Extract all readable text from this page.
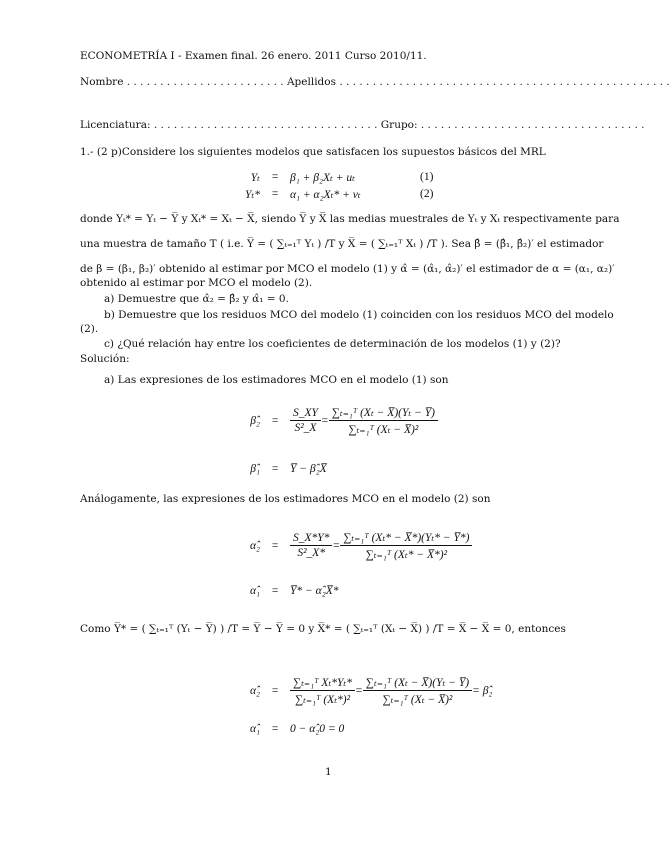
ECONOMETRÍA I - Examen final. 26 enero. 2011 Curso 2010/11.
Nombre . . . . . . . . . . . . . . . . . . . . . . . . Apellidos . . . . . . . . . . . . . . . . . . . . . . . . . . . . . . . . . . . . . . . . . . . . . . . . . .
Licenciatura: . . . . . . . . . . . . . . . . . . . . . . . . . . . . . . . . . . Grupo: . . . . . . . . . . . . . . . . . . . . . . . . . . . . . . . . . .
1.- (2 p)Considere los siguientes modelos que satisfacen los supuestos básicos del MRL
Yₜ = β₁ + β₂Xₜ + uₜ	(1)
Yₜ* = α₁ + α₂Xₜ* + vₜ	(2)
donde Yₜ* = Yₜ − Y̅ y Xₜ* = Xₜ − X̅, siendo Y̅ y X̅ las medias muestrales de Yₜ y Xₜ respectivamente para
una muestra de tamaño T ( i.e. Y̅ = ( ∑ₜ₌₁ᵀ Yₜ ) /T y X̅ = ( ∑ₜ₌₁ᵀ Xₜ ) /T ). Sea β̂ = (β̂₁, β̂₂)′ el estimador
de β = (β₁, β₂)′ obtenido al estimar por MCO el modelo (1) y α̂ = (α̂₁, α̂₂)′ el estimador de α = (α₁, α₂)′
obtenido al estimar por MCO el modelo (2).
a) Demuestre que α̂₂ = β̂₂ y α̂₁ = 0.
b) Demuestre que los residuos MCO del modelo (1) coinciden con los residuos MCO del modelo
(2).
c) ¿Qué relación hay entre los coeficientes de determinación de los modelos (1) y (2)?
Solución:
a) Las expresiones de los estimadores MCO en el modelo (1) son
β̂₂ = $\frac{S\_XY}{\text{S²\_X}} = \frac{\text{∑ₜ₌₁ᵀ (Xₜ − X̅)(Yₜ − Y̅)}}{\text{∑ₜ₌₁ᵀ (Xₜ − X̅)²}}$
β̂₁ = Y̅ − β̂₂X̅
Análogamente, las expresiones de los estimadores MCO en el modelo (2) son
α̂₂ = $\frac{S\_X*Y*}{\text{S²\_X*}} = \frac{\text{∑ₜ₌₁ᵀ (Xₜ* − X̅*)(Yₜ* − Y̅*)}}{\text{∑ₜ₌₁ᵀ (Xₜ* − X̅*)²}}$
α̂₁ = Y̅* − α̂₂X̅*
Como Y̅* = ( ∑ₜ₌₁ᵀ (Yₜ − Y̅) ) /T = Y̅ − Y̅ = 0 y X̅* = ( ∑ₜ₌₁ᵀ (Xₜ − X̅) ) /T = X̅ − X̅ = 0, entonces
α̂₂ = $\frac{\text{∑ₜ₌₁ᵀ Xₜ*Yₜ*}}{\text{∑ₜ₌₁ᵀ (Xₜ*)²}} = \frac{\text{∑ₜ₌₁ᵀ (Xₜ − X̅)(Yₜ − Y̅)}}{\text{∑ₜ₌₁ᵀ (Xₜ − X̅)²}}$ = β̂₂
α̂₁ = 0 − α̂₂0 = 0
1
